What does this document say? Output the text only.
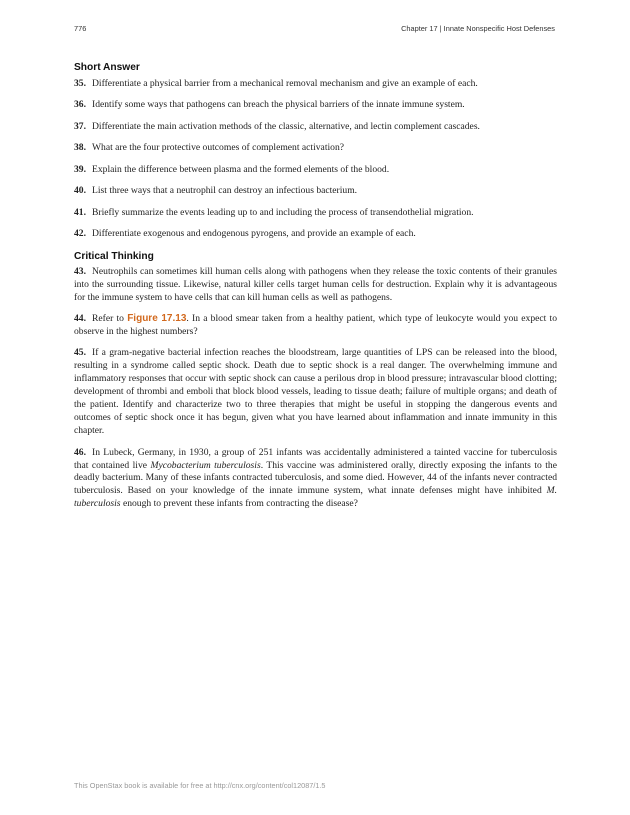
776	Chapter 17 | Innate Nonspecific Host Defenses
Short Answer

35. Differentiate a physical barrier from a mechanical removal mechanism and give an example of each.

36. Identify some ways that pathogens can breach the physical barriers of the innate immune system.

37. Differentiate the main activation methods of the classic, alternative, and lectin complement cascades.

38. What are the four protective outcomes of complement activation?

39. Explain the difference between plasma and the formed elements of the blood.

40. List three ways that a neutrophil can destroy an infectious bacterium.

41. Briefly summarize the events leading up to and including the process of transendothelial migration.

42. Differentiate exogenous and endogenous pyrogens, and provide an example of each.

Critical Thinking

43. Neutrophils can sometimes kill human cells along with pathogens when they release the toxic contents of their granules into the surrounding tissue. Likewise, natural killer cells target human cells for destruction. Explain why it is advantageous for the immune system to have cells that can kill human cells as well as pathogens.

44. Refer to Figure 17.13. In a blood smear taken from a healthy patient, which type of leukocyte would you expect to observe in the highest numbers?

45. If a gram-negative bacterial infection reaches the bloodstream, large quantities of LPS can be released into the blood, resulting in a syndrome called septic shock. Death due to septic shock is a real danger. The overwhelming immune and inflammatory responses that occur with septic shock can cause a perilous drop in blood pressure; intravascular blood clotting; development of thrombi and emboli that block blood vessels, leading to tissue death; failure of multiple organs; and death of the patient. Identify and characterize two to three therapies that might be useful in stopping the dangerous events and outcomes of septic shock once it has begun, given what you have learned about inflammation and innate immunity in this chapter.

46. In Lubeck, Germany, in 1930, a group of 251 infants was accidentally administered a tainted vaccine for tuberculosis that contained live Mycobacterium tuberculosis. This vaccine was administered orally, directly exposing the infants to the deadly bacterium. Many of these infants contracted tuberculosis, and some died. However, 44 of the infants never contracted tuberculosis. Based on your knowledge of the innate immune system, what innate defenses might have inhibited M. tuberculosis enough to prevent these infants from contracting the disease?

This OpenStax book is available for free at http://cnx.org/content/col12087/1.5
